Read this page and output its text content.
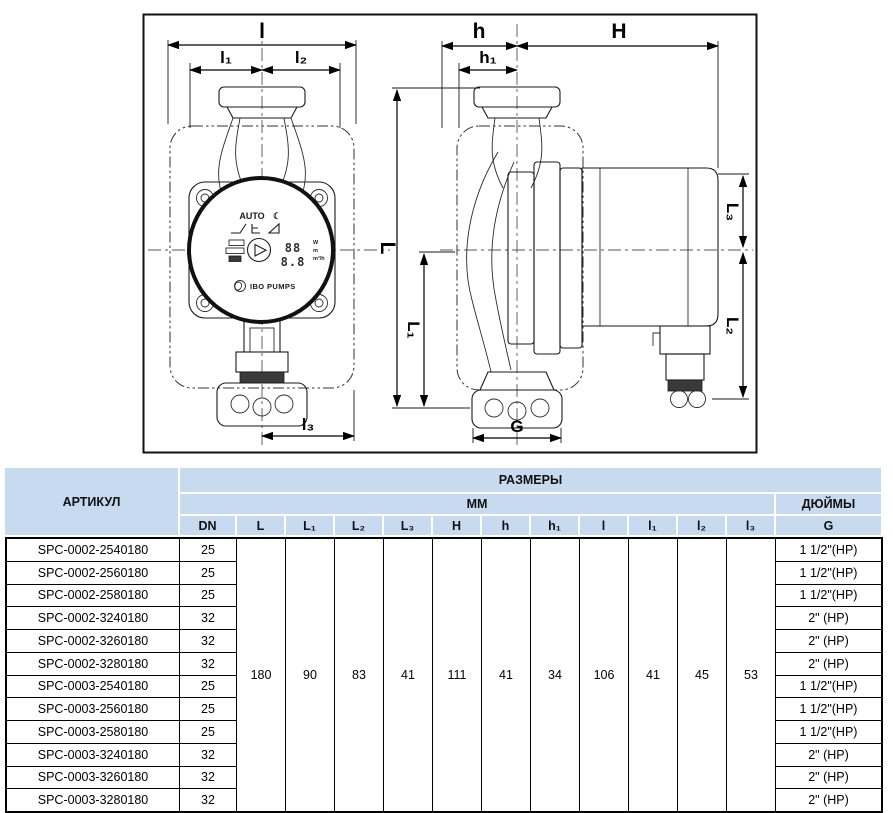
AUTO ☾
88
8.8
W
m
m³/h
IBO PUMPS
l
l₁	l₂
l₃
h	H
h₁
L
L₁
L₃
L₂
G
АРТИКУЛ	РАЗМЕРЫ												
	ММ												ДЮЙМЫ
	DN	L	L₁	L₂	L₃	H	h	h₁	l	l₁	l₂	l₃	G
SPC-0002-2540180	25	180	90	83	41	111	41	34	106	41	45	53	1 1/2"(НР)
SPC-0002-2560180	25												1 1/2"(НР)
SPC-0002-2580180	25												1 1/2"(НР)
SPC-0002-3240180	32												2" (НР)
SPC-0002-3260180	32												2" (НР)
SPC-0002-3280180	32												2" (НР)
SPC-0003-2540180	25												1 1/2"(НР)
SPC-0003-2560180	25												1 1/2"(НР)
SPC-0003-2580180	25												1 1/2"(НР)
SPC-0003-3240180	32												2" (НР)
SPC-0003-3260180	32												2" (НР)
SPC-0003-3280180	32												2" (НР)
